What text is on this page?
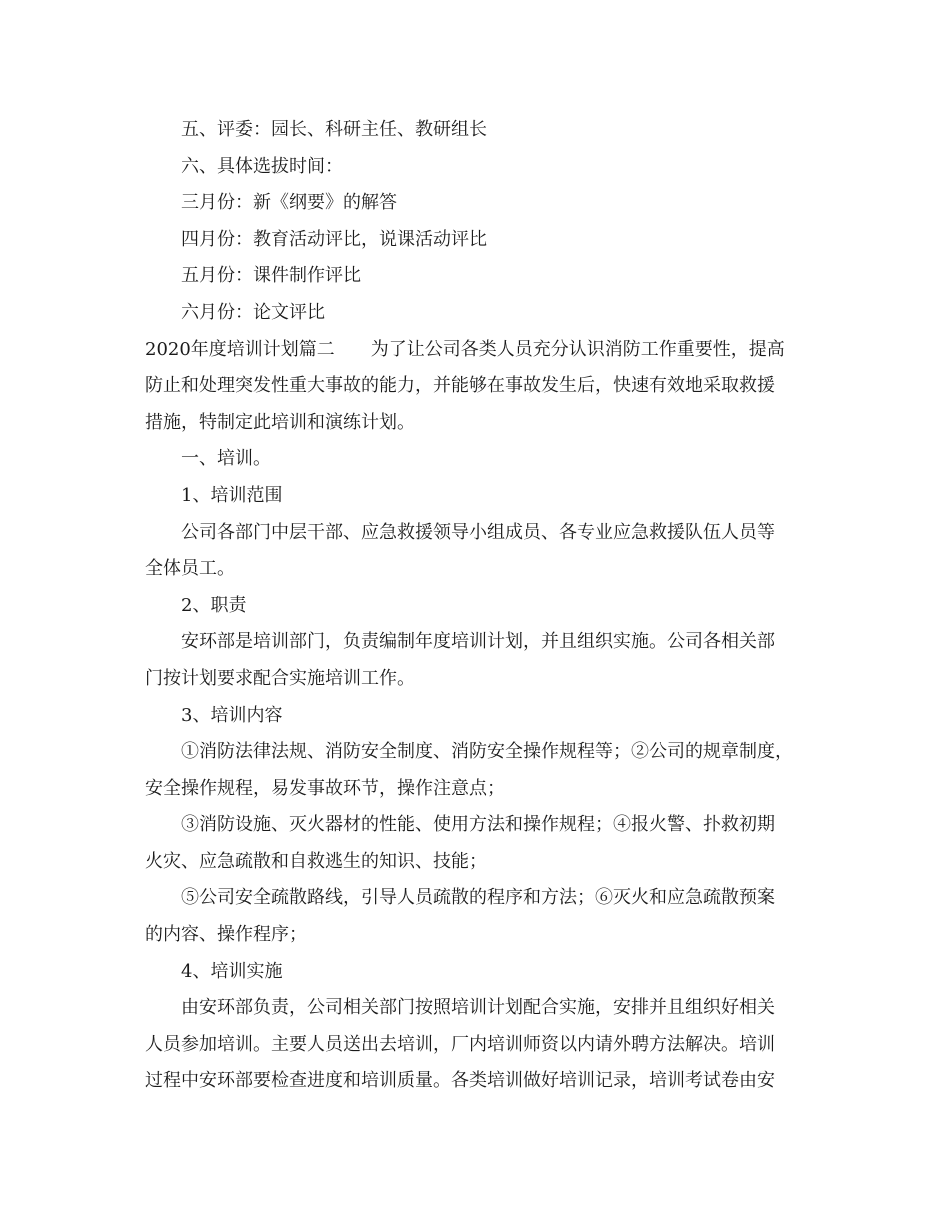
五、评委：园长、科研主任、教研组长

六、具体选拔时间：

三月份：新《纲要》的解答

四月份：教育活动评比，说课活动评比

五月份：课件制作评比

六月份：论文评比

2020年度培训计划篇二　　为了让公司各类人员充分认识消防工作重要性，提高

防止和处理突发性重大事故的能力，并能够在事故发生后，快速有效地采取救援

措施，特制定此培训和演练计划。

一、培训。

1、培训范围

公司各部门中层干部、应急救援领导小组成员、各专业应急救援队伍人员等

全体员工。

2、职责

安环部是培训部门，负责编制年度培训计划，并且组织实施。公司各相关部

门按计划要求配合实施培训工作。

3、培训内容

①消防法律法规、消防安全制度、消防安全操作规程等；②公司的规章制度，

安全操作规程，易发事故环节，操作注意点；

③消防设施、灭火器材的性能、使用方法和操作规程；④报火警、扑救初期

火灾、应急疏散和自救逃生的知识、技能；

⑤公司安全疏散路线，引导人员疏散的程序和方法；⑥灭火和应急疏散预案

的内容、操作程序；

4、培训实施

由安环部负责，公司相关部门按照培训计划配合实施，安排并且组织好相关

人员参加培训。主要人员送出去培训，厂内培训师资以内请外聘方法解决。培训

过程中安环部要检查进度和培训质量。各类培训做好培训记录，培训考试卷由安
